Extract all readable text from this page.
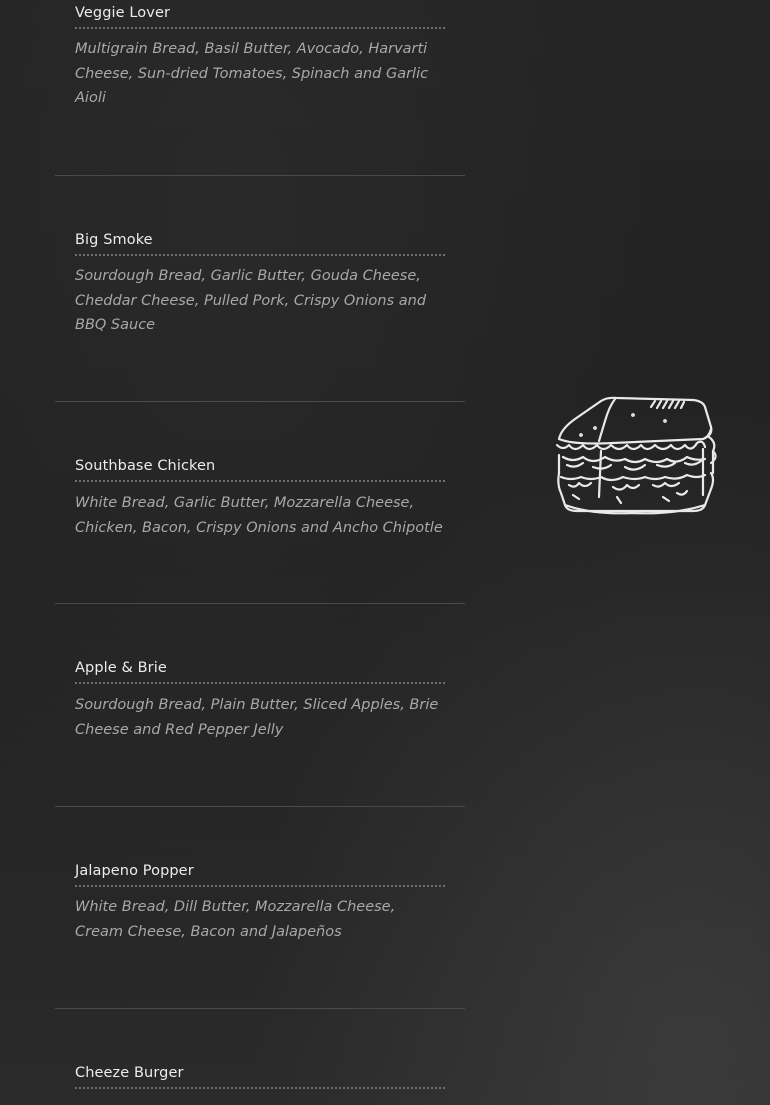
Veggie Lover
Multigrain Bread, Basil Butter, Avocado, Harvarti Cheese, Sun-dried Tomatoes, Spinach and Garlic Aioli
Big Smoke
Sourdough Bread, Garlic Butter, Gouda Cheese, Cheddar Cheese, Pulled Pork, Crispy Onions and BBQ Sauce
Southbase Chicken
White Bread, Garlic Butter, Mozzarella Cheese, Chicken, Bacon, Crispy Onions and Ancho Chipotle
Apple & Brie
Sourdough Bread, Plain Butter, Sliced Apples, Brie Cheese and Red Pepper Jelly
Jalapeno Popper
White Bread, Dill Butter, Mozzarella Cheese, Cream Cheese, Bacon and Jalapeños
Cheeze Burger
